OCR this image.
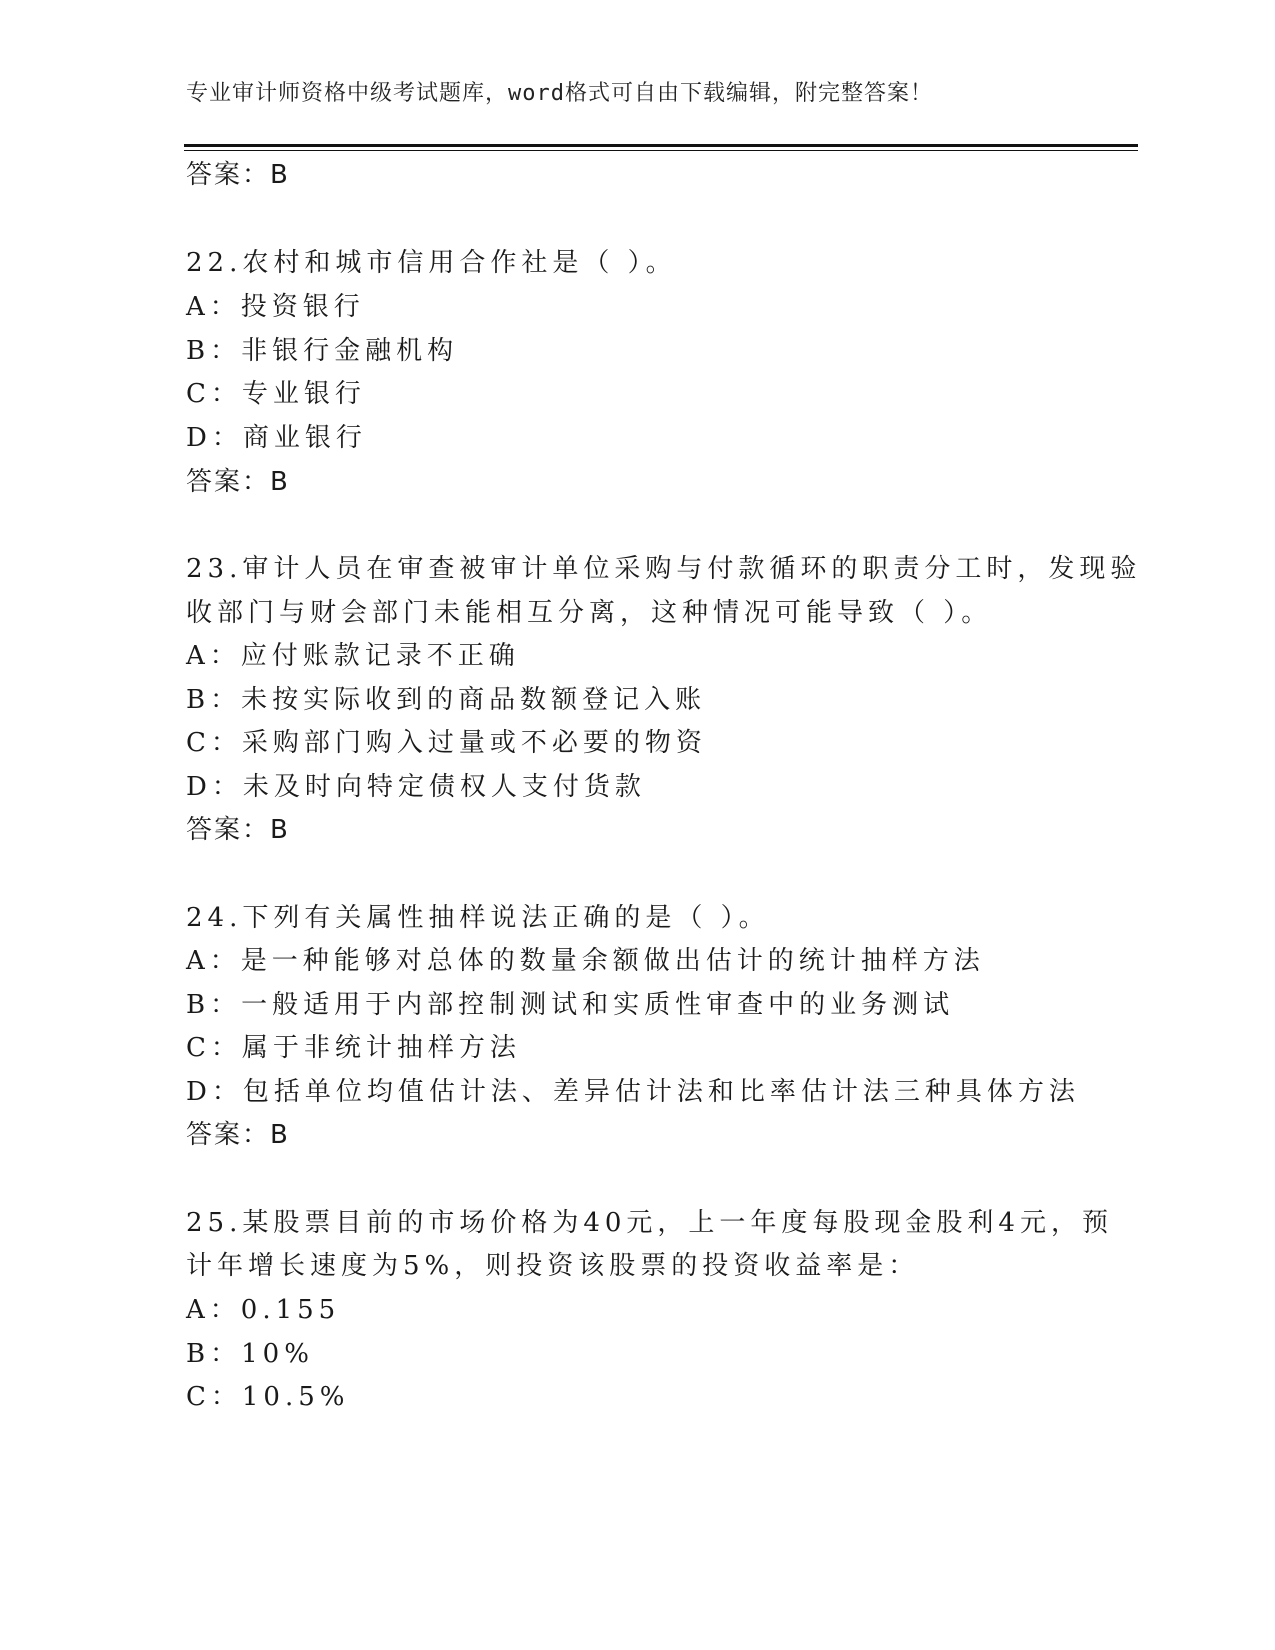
专业审计师资格中级考试题库，word格式可自由下载编辑，附完整答案！
答案：B
22.农村和城市信用合作社是（ ）。
A：投资银行
B：非银行金融机构
C：专业银行
D：商业银行
答案：B
23.审计人员在审查被审计单位采购与付款循环的职责分工时，发现验
收部门与财会部门未能相互分离，这种情况可能导致（ ）。
A：应付账款记录不正确
B：未按实际收到的商品数额登记入账
C：采购部门购入过量或不必要的物资
D：未及时向特定债权人支付货款
答案：B
24.下列有关属性抽样说法正确的是（ ）。
A：是一种能够对总体的数量余额做出估计的统计抽样方法
B：一般适用于内部控制测试和实质性审查中的业务测试
C：属于非统计抽样方法
D：包括单位均值估计法、差异估计法和比率估计法三种具体方法
答案：B
25.某股票目前的市场价格为40元，上一年度每股现金股利4元，预
计年增长速度为5%，则投资该股票的投资收益率是：
A：0.155
B：10%
C：10.5%
